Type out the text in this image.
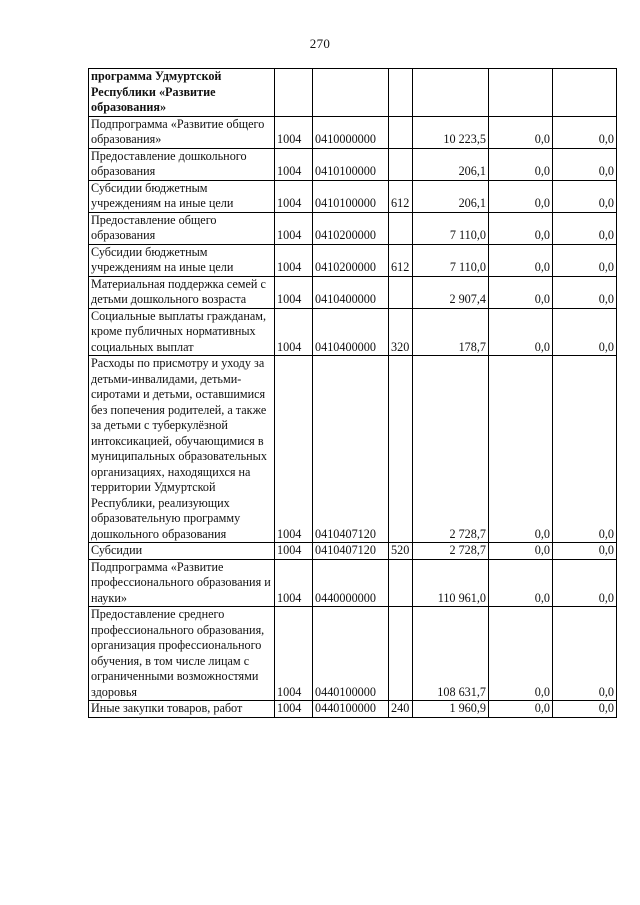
270
программа Удмуртской Республики «Развитие образования»						
Подпрограмма «Развитие общего образования»	1004	0410000000		10 223,5	0,0	0,0
Предоставление дошкольного образования	1004	0410100000		206,1	0,0	0,0
Субсидии бюджетным учреждениям на иные цели	1004	0410100000	612	206,1	0,0	0,0
Предоставление общего образования	1004	0410200000		7 110,0	0,0	0,0
Субсидии бюджетным учреждениям на иные цели	1004	0410200000	612	7 110,0	0,0	0,0
Материальная поддержка семей с детьми дошкольного возраста	1004	0410400000		2 907,4	0,0	0,0
Социальные выплаты гражданам, кроме публичных нормативных социальных выплат	1004	0410400000	320	178,7	0,0	0,0
Расходы по присмотру и уходу за детьми-инвалидами, детьми-сиротами и детьми, оставшимися без попечения родителей, а также за детьми с туберкулёзной интоксикацией, обучающимися в муниципальных образовательных организациях, находящихся на территории Удмуртской Республики, реализующих образовательную программу дошкольного образования	1004	0410407120		2 728,7	0,0	0,0
Субсидии	1004	0410407120	520	2 728,7	0,0	0,0
Подпрограмма «Развитие профессионального образования и науки»	1004	0440000000		110 961,0	0,0	0,0
Предоставление среднего профессионального образования, организация профессионального обучения, в том числе лицам с ограниченными возможностями здоровья	1004	0440100000		108 631,7	0,0	0,0
Иные закупки товаров, работ	1004	0440100000	240	1 960,9	0,0	0,0
